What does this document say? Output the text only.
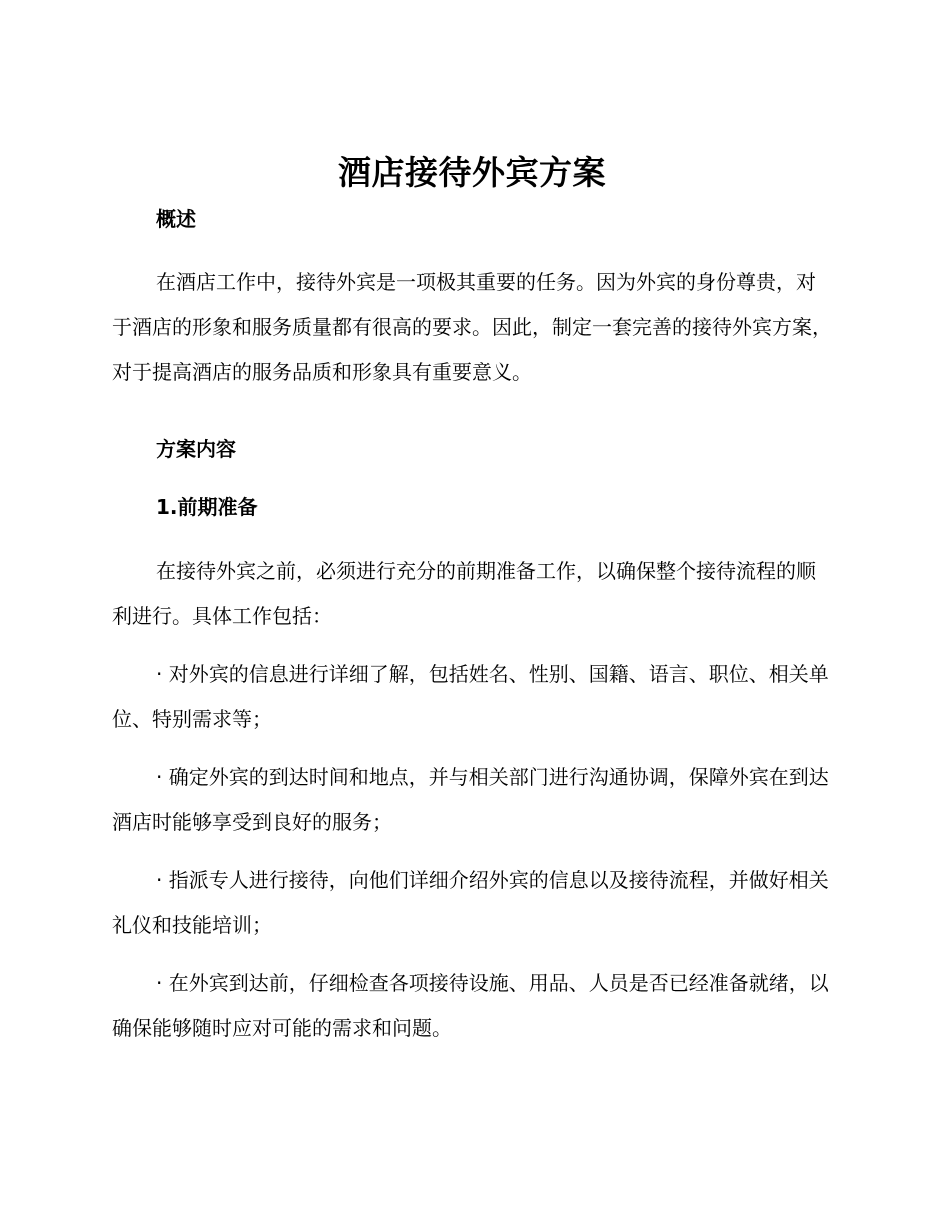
酒店接待外宾方案
概述

在酒店工作中，接待外宾是一项极其重要的任务。因为外宾的身份尊贵，对于酒店的形象和服务质量都有很高的要求。因此，制定一套完善的接待外宾方案，对于提高酒店的服务品质和形象具有重要意义。

方案内容
1.前期准备

在接待外宾之前，必须进行充分的前期准备工作，以确保整个接待流程的顺利进行。具体工作包括：

· 对外宾的信息进行详细了解，包括姓名、性别、国籍、语言、职位、相关单位、特别需求等；

· 确定外宾的到达时间和地点，并与相关部门进行沟通协调，保障外宾在到达酒店时能够享受到良好的服务；

· 指派专人进行接待，向他们详细介绍外宾的信息以及接待流程，并做好相关礼仪和技能培训；

· 在外宾到达前，仔细检查各项接待设施、用品、人员是否已经准备就绪，以确保能够随时应对可能的需求和问题。
